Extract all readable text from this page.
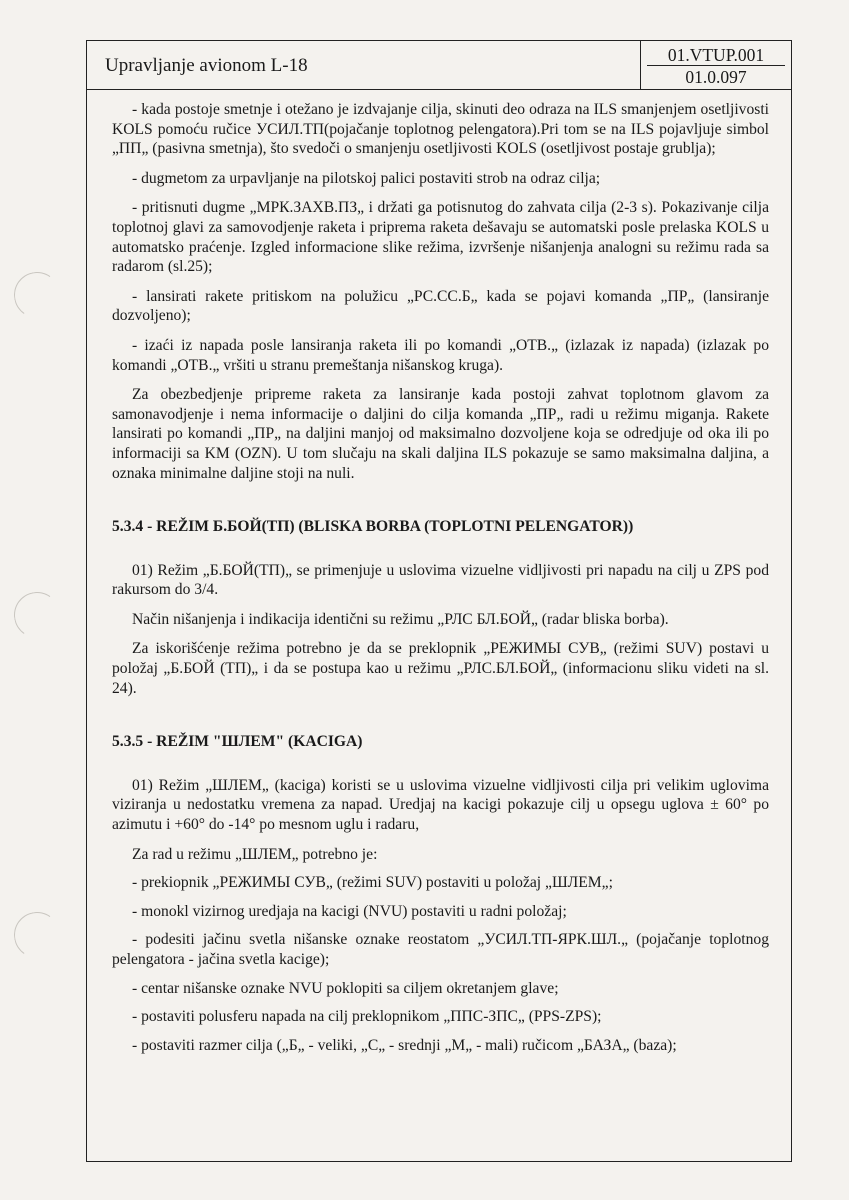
Upravljanje avionom L-18	01.VTUP.001
01.0.097

- kada postoje smetnje i otežano je izdvajanje cilja, skinuti deo odraza na ILS smanjenjem osetljivosti KOLS pomoću ručice УСИЛ.ТП(pojačanje toplotnog pelengatora).Pri tom se na ILS pojavljuje simbol „ПП„ (pasivna smetnja), što svedoči o smanjenju osetljivosti KOLS (osetljivost postaje grublja);

- dugmetom za urpavljanje na pilotskoj palici postaviti strob na odraz cilja;

- pritisnuti dugme „МРК.ЗАХВ.ПЗ„ i držati ga potisnutog do zahvata cilja (2-3 s). Pokazivanje cilja toplotnoj glavi za samovodjenje raketa i pripremа raketa dešavaju se automatski posle prelaska KOLS u automatsko praćenje. Izgled informacione slike režima, izvršenje nišanjenja analogni su režimu rada sa radarom (sl.25);

- lansirati rakete pritiskom na polužicu „РС.СС.Б„ kada se pojavi komanda „ПР„ (lansiranje dozvoljeno);

- izaći iz napada posle lansiranja raketa ili po komandi „ОТВ.„ (izlazak iz napada) (izlazak po komandi „ОТВ.„ vršiti u stranu premeštanja nišanskog kruga).

Za obezbedjenje pripreme raketa za lansiranje kada postoji zahvat toplotnom glavom za samonavodjenje i nema informacije o daljini do cilja komanda „ПР„ radi u režimu miganja. Rakete lansirati po komandi „ПР„ na daljini manjoj od maksimalno dozvoljene koja se odredjuje od oka ili po informaciji sa KM (OZN). U tom slučaju na skali daljina ILS pokazuje se samo maksimalna daljina, a oznaka minimalne daljine stoji na nuli.

5.3.4 - REŽIM Б.БОЙ(ТП) (BLISKA BORBA (TOPLOTNI PELENGATOR))

01) Režim „Б.БОЙ(ТП)„ se primenjuje u uslovima vizuelne vidljivosti pri napadu na cilj u ZPS pod rakursom do 3/4.

Način nišanjenja i indikacija identični su režimu „РЛС БЛ.БОЙ„ (radar bliska borba).

Za iskorišćenje režima potrebno je da se preklopnik „РЕЖИМЫ СУВ„ (režimi SUV) postavi u položaj „Б.БОЙ (ТП)„ i da se postupa kao u režimu „РЛС.БЛ.БОЙ„ (informacionu sliku videti na sl. 24).

5.3.5 - REŽIM "ШЛЕМ" (KACIGA)

01) Režim „ШЛЕМ„ (kaciga) koristi se u uslovima vizuelne vidljivosti cilja pri velikim uglovima viziranja u nedostatku vremena za napad. Uredjaj na kacigi pokazuje cilj u opsegu uglova ± 60° po azimutu i +60° do -14° po mesnom uglu i radaru,

Za rad u režimu „ШЛЕМ„ potrebno je:

- prekiopnik „РЕЖИМЫ СУВ„ (režimi SUV) postaviti u položaj „ШЛЕМ„;

- monokl vizirnog uredjaja na kacigi (NVU) postaviti u radni položaj;

- podesiti jačinu svetla nišanske oznake reostatom „УСИЛ.ТП-ЯРК.ШЛ.„ (pojačanje toplotnog pelengatora - jačina svetla kacige);

- centar nišanske oznake NVU poklopiti sa ciljem okretanjem glave;

- postaviti polusferu napada na cilj preklopnikom „ППС-ЗПС„ (PPS-ZPS);

- postaviti razmer cilja („Б„ - veliki, „С„ - srednji „М„ - mali) ručicom „БАЗА„ (baza);
